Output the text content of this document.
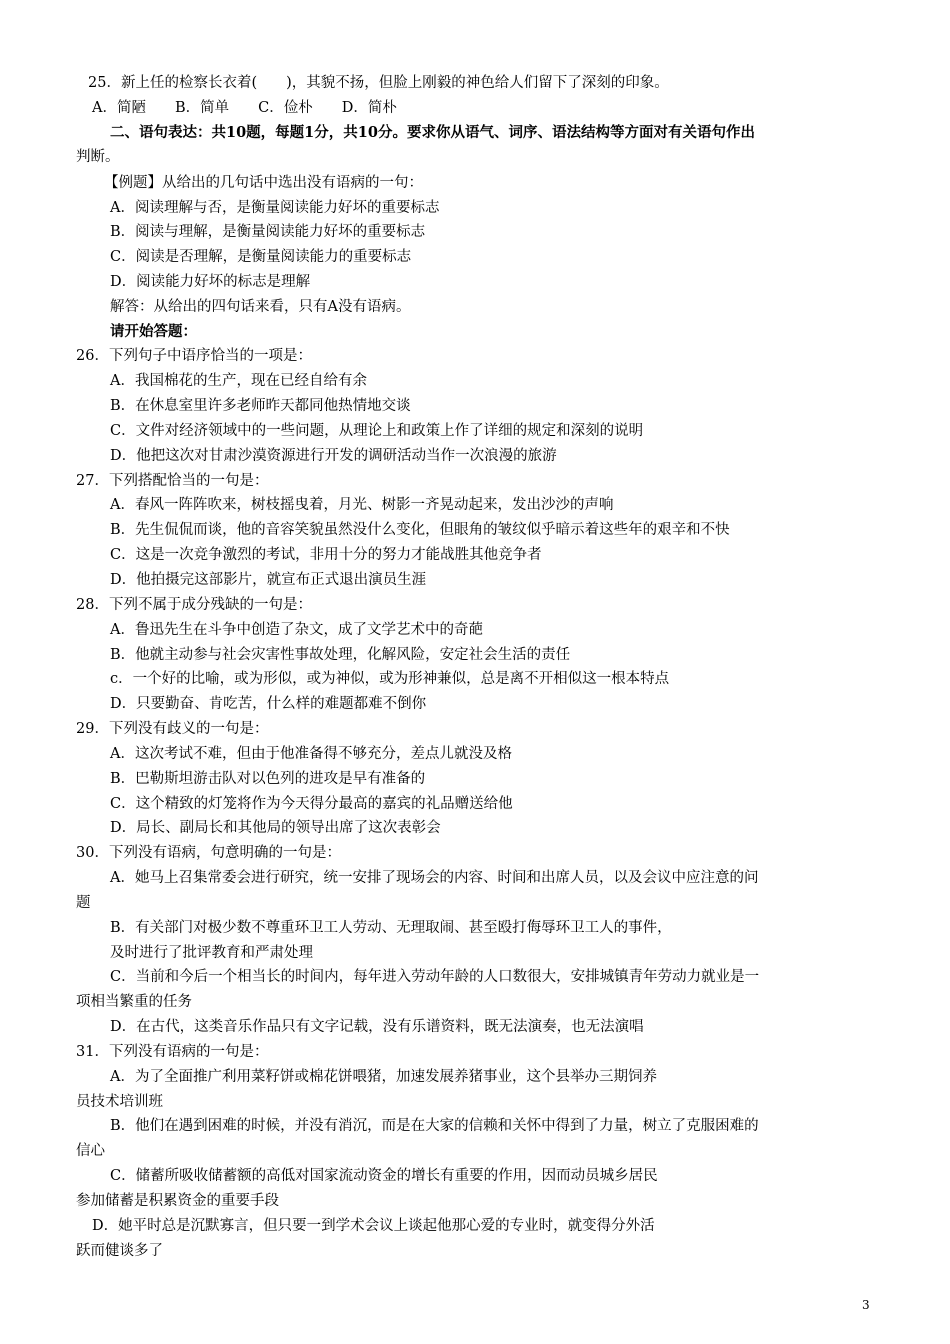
25．新上任的检察长衣着(　　)，其貌不扬，但脸上刚毅的神色给人们留下了深刻的印象。
A．简陋　　B．简单　　C．俭朴　　D．简朴
二、语句表达：共10题，每题1分，共10分。要求你从语气、词序、语法结构等方面对有关语句作出
判断。
【例题】从给出的几句话中选出没有语病的一句：
A．阅读理解与否，是衡量阅读能力好坏的重要标志
B．阅读与理解，是衡量阅读能力好坏的重要标志
C．阅读是否理解，是衡量阅读能力的重要标志
D．阅读能力好坏的标志是理解
解答：从给出的四句话来看，只有A没有语病。
请开始答题：
26．下列句子中语序恰当的一项是：
A．我国棉花的生产，现在已经自给有余
B．在休息室里许多老师昨天都同他热情地交谈
C．文件对经济领域中的一些问题，从理论上和政策上作了详细的规定和深刻的说明
D．他把这次对甘肃沙漠资源进行开发的调研活动当作一次浪漫的旅游
27．下列搭配恰当的一句是：
A．春风一阵阵吹来，树枝摇曳着，月光、树影一齐晃动起来，发出沙沙的声响
B．先生侃侃而谈，他的音容笑貌虽然没什么变化，但眼角的皱纹似乎暗示着这些年的艰辛和不快
C．这是一次竞争激烈的考试，非用十分的努力才能战胜其他竞争者
D．他拍摄完这部影片，就宣布正式退出演员生涯
28．下列不属于成分残缺的一句是：
A．鲁迅先生在斗争中创造了杂文，成了文学艺术中的奇葩
B．他就主动参与社会灾害性事故处理，化解风险，安定社会生活的责任
c．一个好的比喻，或为形似，或为神似，或为形神兼似，总是离不开相似这一根本特点
D．只要勤奋、肯吃苦，什么样的难题都难不倒你
29．下列没有歧义的一句是：
A．这次考试不难，但由于他准备得不够充分，差点儿就没及格
B．巴勒斯坦游击队对以色列的进攻是早有准备的
C．这个精致的灯笼将作为今天得分最高的嘉宾的礼品赠送给他
D．局长、副局长和其他局的领导出席了这次表彰会
30．下列没有语病，句意明确的一句是：
A．她马上召集常委会进行研究，统一安排了现场会的内容、时间和出席人员，以及会议中应注意的问
题
B．有关部门对极少数不尊重环卫工人劳动、无理取闹、甚至殴打侮辱环卫工人的事件，
及时进行了批评教育和严肃处理
C．当前和今后一个相当长的时间内，每年进入劳动年龄的人口数很大，安排城镇青年劳动力就业是一
项相当繁重的任务
D．在古代，这类音乐作品只有文字记载，没有乐谱资料，既无法演奏，也无法演唱
31．下列没有语病的一句是：
A．为了全面推广利用菜籽饼或棉花饼喂猪，加速发展养猪事业，这个县举办三期饲养
员技术培训班
B．他们在遇到困难的时候，并没有消沉，而是在大家的信赖和关怀中得到了力量，树立了克服困难的
信心
C．储蓄所吸收储蓄额的高低对国家流动资金的增长有重要的作用，因而动员城乡居民
参加储蓄是积累资金的重要手段
D．她平时总是沉默寡言，但只要一到学术会议上谈起他那心爱的专业时，就变得分外活
跃而健谈多了
3
